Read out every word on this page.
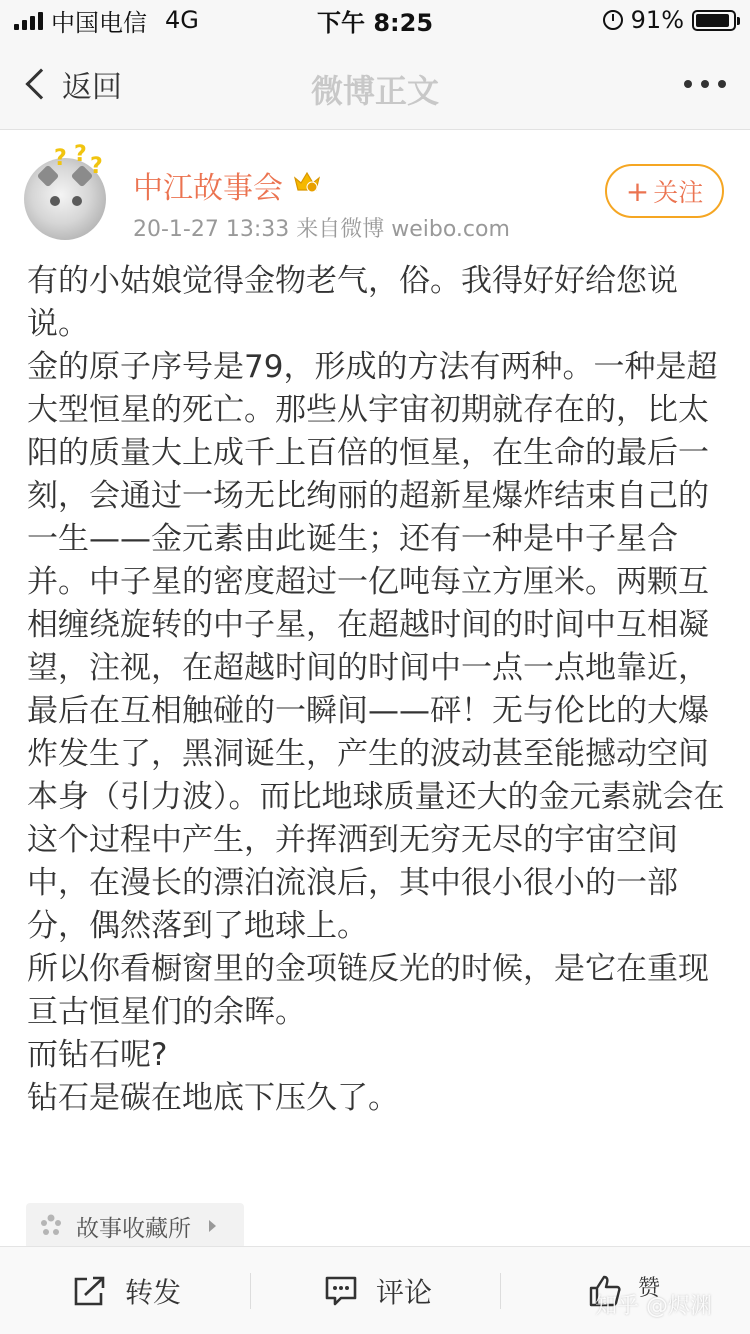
中国电信 4G	下午 8:25	91%
返回	微博正文
? ? ?
中江故事会
20-1-27 13:33 来自微博 weibo.com
+ 关注

有的小姑娘觉得金物老气，俗。我得好好给您说说。

金的原子序号是79，形成的方法有两种。一种是超大型恒星的死亡。那些从宇宙初期就存在的，比太阳的质量大上成千上百倍的恒星，在生命的最后一刻，会通过一场无比绚丽的超新星爆炸结束自己的一生——金元素由此诞生；还有一种是中子星合并。中子星的密度超过一亿吨每立方厘米。两颗互相缠绕旋转的中子星，在超越时间的时间中互相凝望，注视，在超越时间的时间中一点一点地靠近，最后在互相触碰的一瞬间——砰！无与伦比的大爆炸发生了，黑洞诞生，产生的波动甚至能撼动空间本身（引力波）。而比地球质量还大的金元素就会在这个过程中产生，并挥洒到无穷无尽的宇宙空间中，在漫长的漂泊流浪后，其中很小很小的一部分，偶然落到了地球上。

所以你看橱窗里的金项链反光的时候，是它在重现亘古恒星们的余晖。

而钻石呢?

钻石是碳在地底下压久了。

故事收藏所
转发	评论	赞
知乎 @烬渊
